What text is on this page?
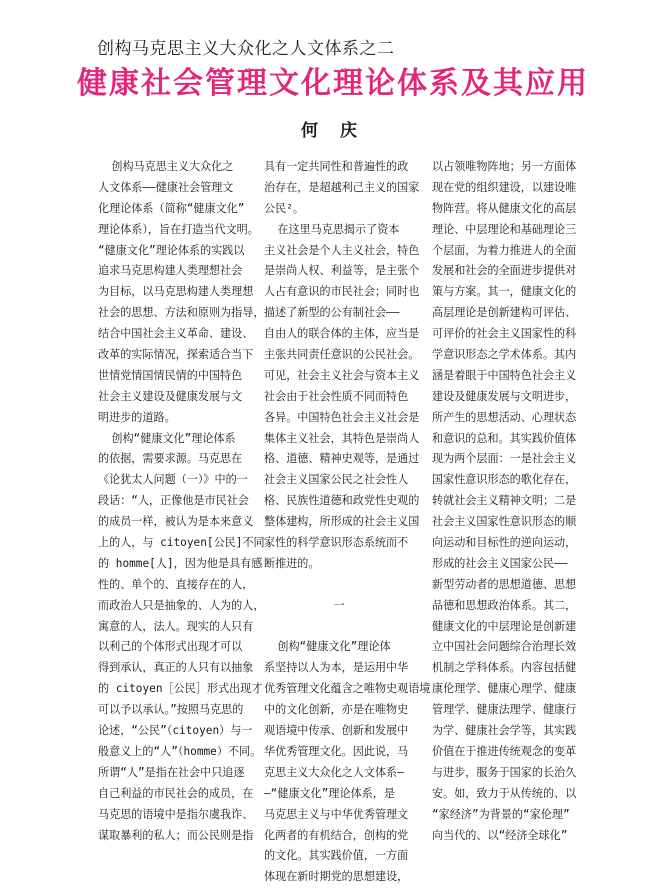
创构马克思主义大众化之人文体系之二
健康社会管理文化理论体系及其应用
何 庆
创构马克思主义大众化之
人文体系——健康社会管理文
化理论体系（简称“健康文化”
理论体系），旨在打造当代文明。
“健康文化”理论体系的实践以
追求马克思构建人类理想社会
为目标，以马克思构建人类理想
社会的思想、方法和原则为指导，
结合中国社会主义革命、建设、
改革的实际情况，探索适合当下
世情党情国情民情的中国特色
社会主义建设及健康发展与文
明进步的道路。
创构“健康文化”理论体系
的依据，需要求源。马克思在
《论犹太人问题（一）》中的一
段话：“人，正像他是市民社会
的成员一样，被认为是本来意义
上的人，与 citoyen[公民]不同
的 homme[人]，因为他是具有感
性的、单个的、直接存在的人，
而政治人只是抽象的、人为的人，
寓意的人，法人。现实的人只有
以利己的个体形式出现才可以
得到承认，真正的人只有以抽象
的 citoyen［公民］形式出现才
可以予以承认。”按照马克思的
论述，“公民”（citoyen）与一
般意义上的“人”（homme）不同。
所谓“人”是指在社会中只追逐
自己利益的市民社会的成员，在
马克思的语境中是指尔虞我诈、
谋取暴利的私人；而公民则是指
具有一定共同性和普遍性的政
治存在，是超越利己主义的国家
公民²。
在这里马克思揭示了资本
主义社会是个人主义社会，特色
是崇尚人权、利益等，是主张个
人占有意识的市民社会；同时也
描述了新型的公有制社会——
自由人的联合体的主体，应当是
主张共同责任意识的公民社会。
可见，社会主义社会与资本主义
社会由于社会性质不同而特色
各异。中国特色社会主义社会是
集体主义社会，其特色是崇尚人
格、道德、精神史观等，是通过
社会主义国家公民之社会性人
格、民族性道德和政党性史观的
整体建构，所形成的社会主义国
家性的科学意识形态系统而不
断推进的。

一

创构“健康文化”理论体
系坚持以人为本，是运用中华
优秀管理文化蕴含之唯物史观语境
中的文化创新，亦是在唯物史
观语境中传承、创新和发展中
华优秀管理文化。因此说，马
克思主义大众化之人文体系—
—“健康文化”理论体系，是
马克思主义与中华优秀管理文
化两者的有机结合，创构的党
的文化。其实践价值，一方面
体现在新时期党的思想建设，
以占领唯物阵地；另一方面体
现在党的组织建设，以建设唯
物阵营。将从健康文化的高层
理论、中层理论和基础理论三
个层面，为着力推进人的全面
发展和社会的全面进步提供对
策与方案。其一，健康文化的
高层理论是创新建构可评估、
可评价的社会主义国家性的科
学意识形态之学术体系。其内
涵是着眼于中国特色社会主义
建设及健康发展与文明进步，
所产生的思想活动、心理状态
和意识的总和。其实践价值体
现为两个层面：一是社会主义
国家性意识形态的歌化存在，
转就社会主义精神文明；二是
社会主义国家性意识形态的顺
向运动和目标性的逆向运动，
形成的社会主义国家公民——
新型劳动者的思想道德、思想
品德和思想政治体系。其二，
健康文化的中层理论是创新建
立中国社会问题综合治理长效
机制之学科体系。内容包括健
康伦理学、健康心理学、健康
管理学、健康法理学、健康行
为学、健康社会学等，其实践
价值在于推进传统观念的变革
与进步，服务于国家的长治久
安。如，致力于从传统的、以
“家经济”为背景的“家伦理”
向当代的、以“经济全球化”
